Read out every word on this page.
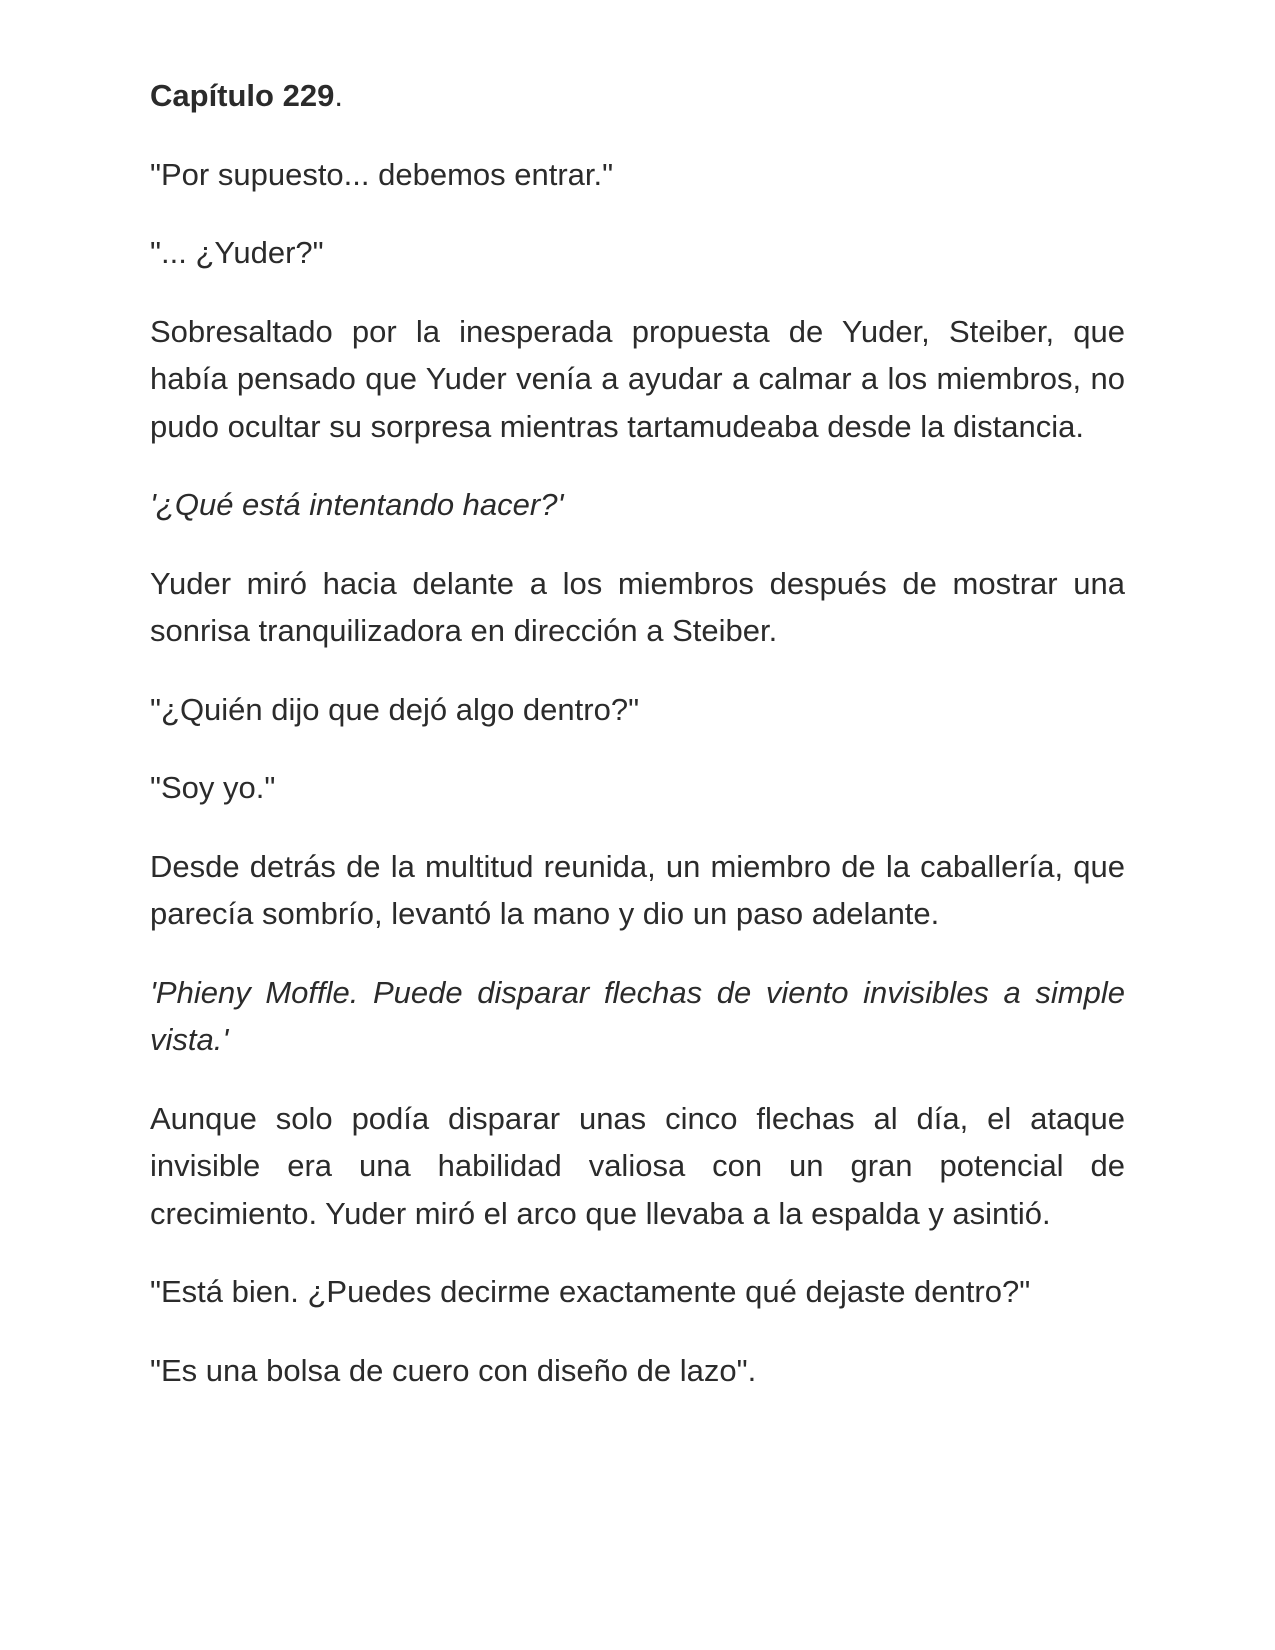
Capítulo 229.

"Por supuesto... debemos entrar."

"... ¿Yuder?"

Sobresaltado por la inesperada propuesta de Yuder, Steiber, que había pensado que Yuder venía a ayudar a calmar a los miembros, no pudo ocultar su sorpresa mientras tartamudeaba desde la distancia.

'¿Qué está intentando hacer?'

Yuder miró hacia delante a los miembros después de mostrar una sonrisa tranquilizadora en dirección a Steiber.

"¿Quién dijo que dejó algo dentro?"

"Soy yo."

Desde detrás de la multitud reunida, un miembro de la caballería, que parecía sombrío, levantó la mano y dio un paso adelante.

'Phieny Moffle. Puede disparar flechas de viento invisibles a simple vista.'

Aunque solo podía disparar unas cinco flechas al día, el ataque invisible era una habilidad valiosa con un gran potencial de crecimiento. Yuder miró el arco que llevaba a la espalda y asintió.

"Está bien. ¿Puedes decirme exactamente qué dejaste dentro?"

"Es una bolsa de cuero con diseño de lazo".
